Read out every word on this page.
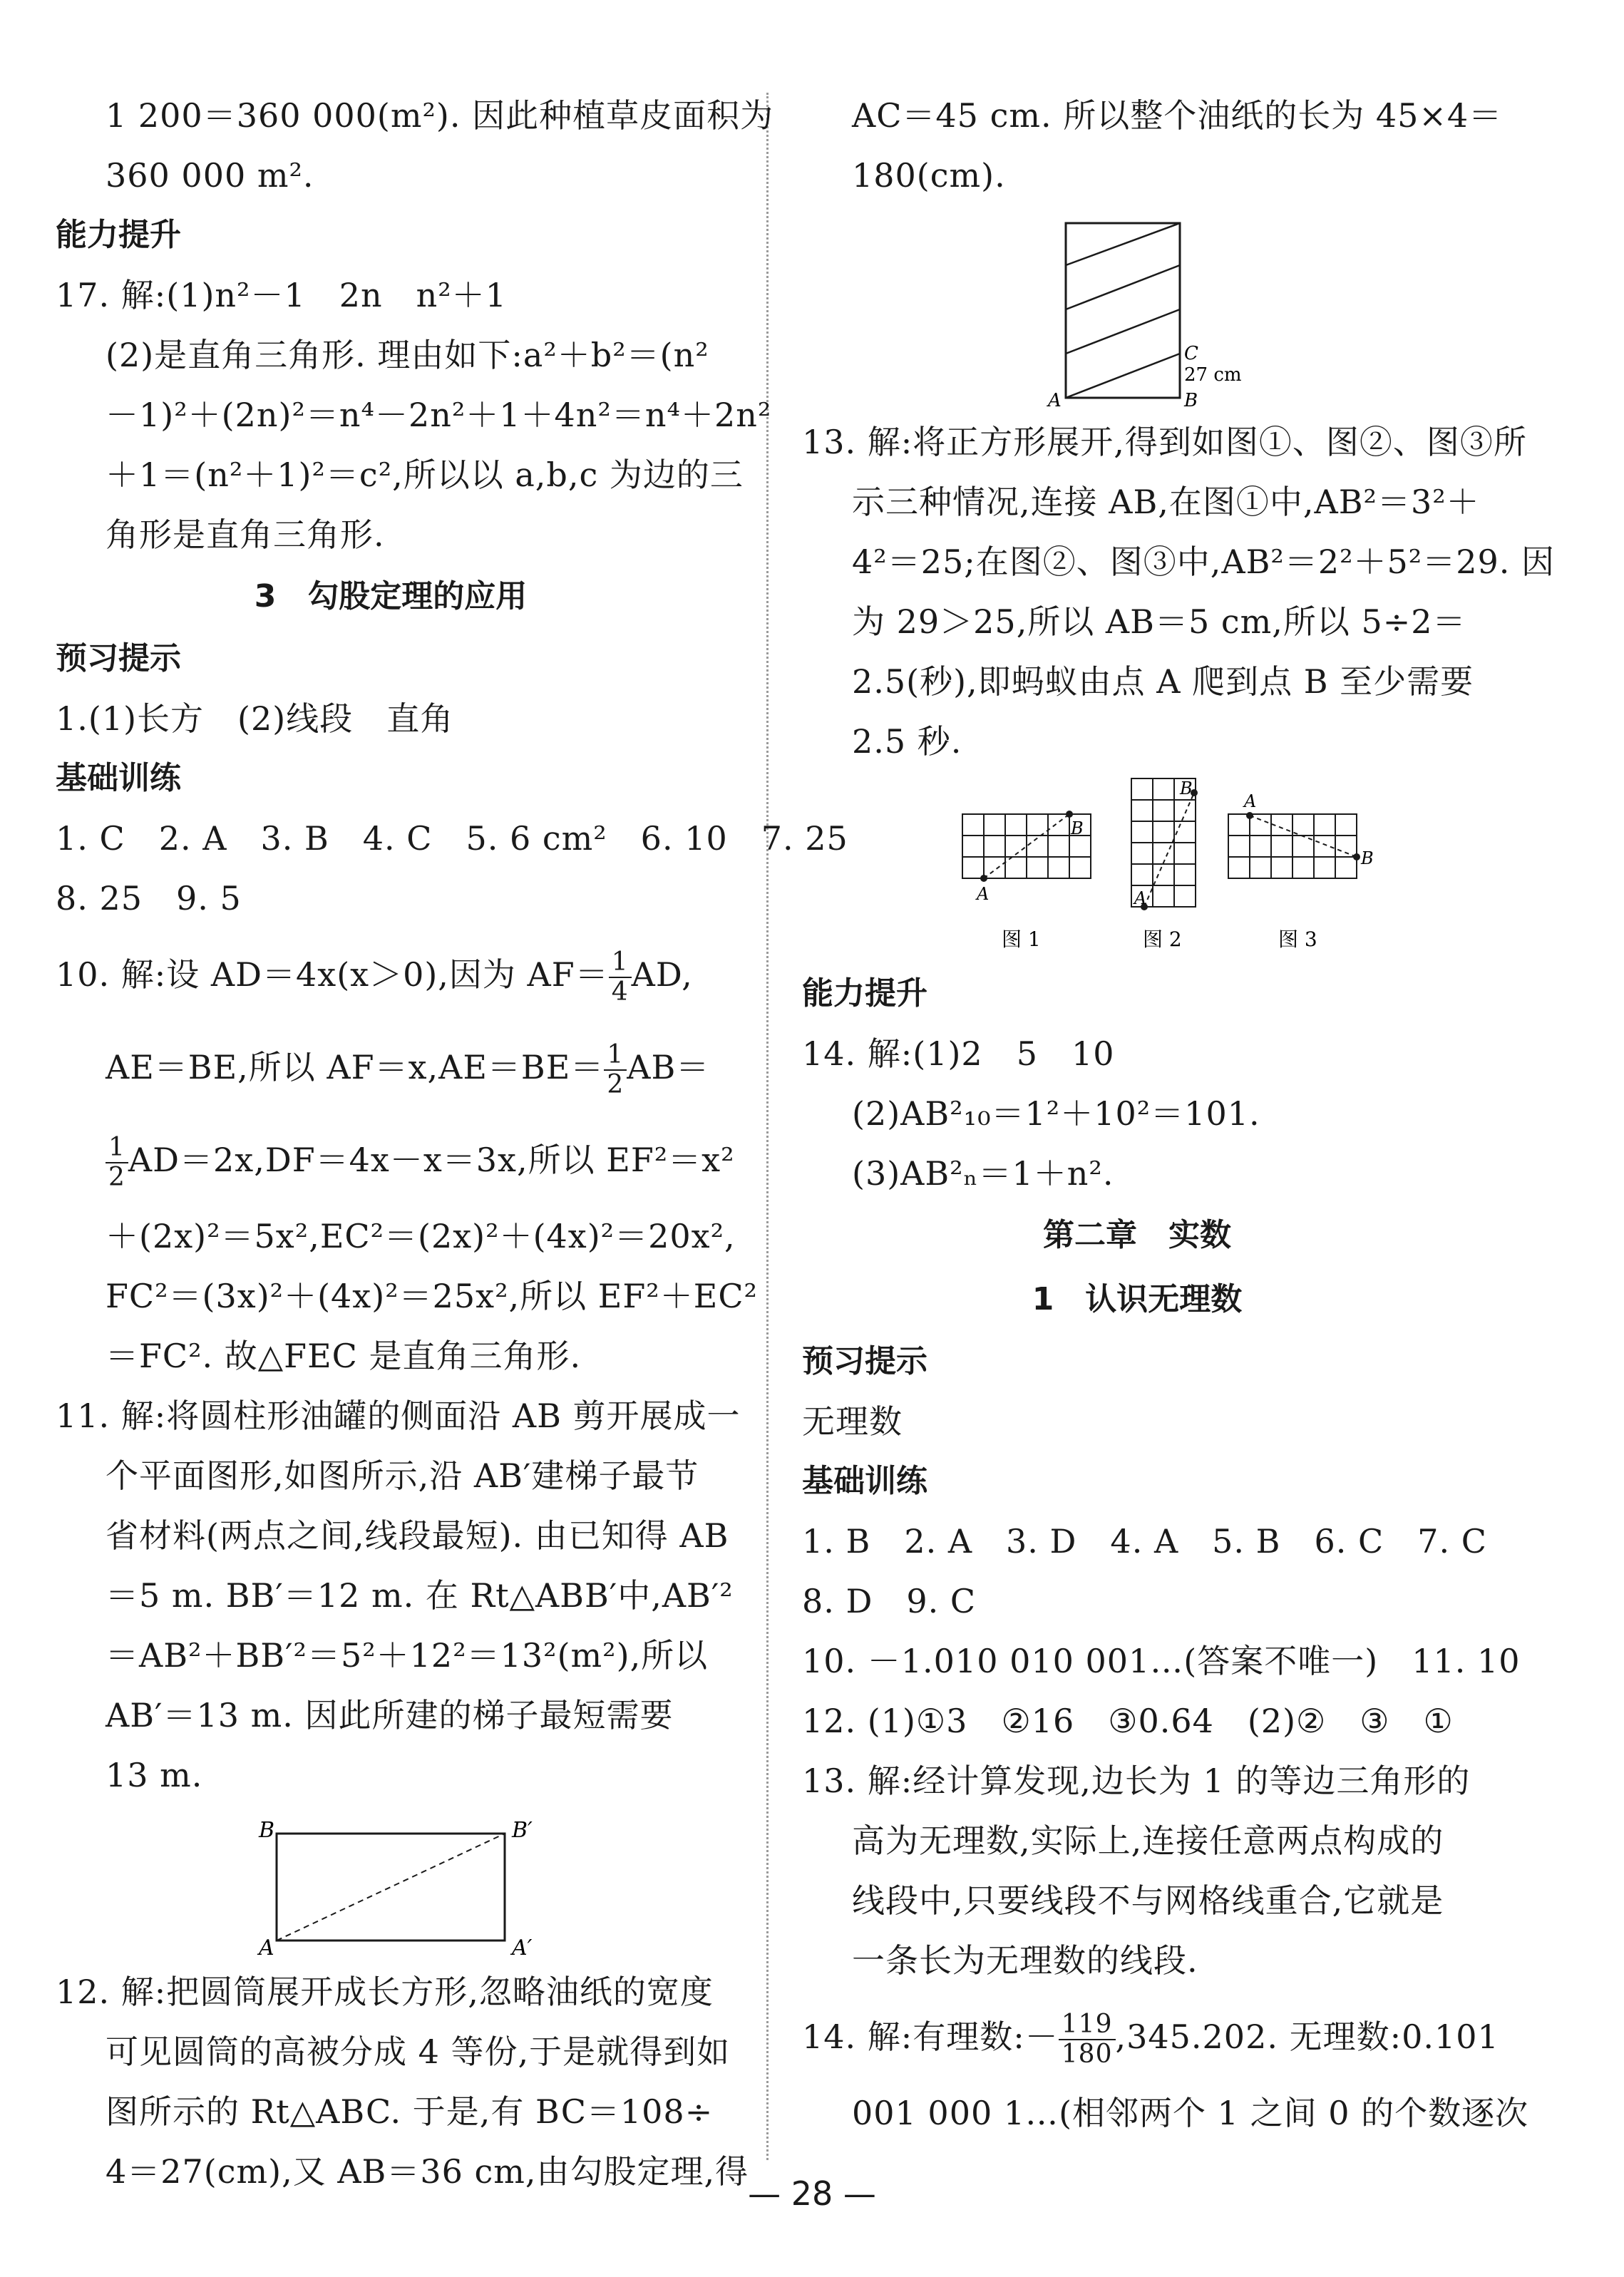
1 200＝360 000(m²). 因此种植草皮面积为
360 000 m².
能力提升
17. 解:(1)n²－1　2n　n²＋1
(2)是直角三角形. 理由如下:a²＋b²＝(n²
－1)²＋(2n)²＝n⁴－2n²＋1＋4n²＝n⁴＋2n²
＋1＝(n²＋1)²＝c²,所以以 a,b,c 为边的三
角形是直角三角形.
3　勾股定理的应用
预习提示
1.(1)长方　(2)线段　直角
基础训练
1. C　2. A　3. B　4. C　5. 6 cm²　6. 10　7. 25
8. 25　9. 5
10. 解:设 AD＝4x(x＞0),因为 $AF= \frac{1}{4}$ AD,
AE＝BE,所以 $AF=x,AE=BE= \frac{1}{2} AB=$
$\frac{1}{2} AD=2x,DF=4x-x=3x$,所以 EF²＝x²
＋(2x)²＝5x²,EC²＝(2x)²＋(4x)²＝20x²,
FC²＝(3x)²＋(4x)²＝25x²,所以 EF²＋EC²
＝FC². 故△FEC 是直角三角形.
11. 解:将圆柱形油罐的侧面沿 AB 剪开展成一
个平面图形,如图所示,沿 AB′建梯子最节
省材料(两点之间,线段最短). 由已知得 AB
＝5 m. BB′＝12 m. 在 Rt△ABB′中,AB′²
＝AB²＋BB′²＝5²＋12²＝13²(m²),所以
AB′＝13 m. 因此所建的梯子最短需要
13 m.
B	B′
A	A′
12. 解:把圆筒展开成长方形,忽略油纸的宽度
可见圆筒的高被分成 4 等份,于是就得到如
图所示的 Rt△ABC. 于是,有 BC＝108÷
4＝27(cm),又 AB＝36 cm,由勾股定理,得
AC＝45 cm. 所以整个油纸的长为 45×4＝
180(cm).
C
27 cm
A	B
13. 解:将正方形展开,得到如图①、图②、图③所
示三种情况,连接 AB,在图①中,AB²＝3²＋
4²＝25;在图②、图③中,AB²＝2²＋5²＝29. 因
为 29＞25,所以 AB＝5 cm,所以 5÷2＝
2.5(秒),即蚂蚁由点 A 爬到点 B 至少需要
2.5 秒.
A
B
图 1
A
B
图 2
A
B
图 3
能力提升
14. 解:(1)2　5　10
(2)AB²₁₀＝1²＋10²＝101.
(3)AB²ₙ＝1＋n².
第二章　实数
1　认识无理数
预习提示
无理数
基础训练
1. B　2. A　3. D　4. A　5. B　6. C　7. C
8. D　9. C
10. －1.010 010 001…(答案不唯一)　11. 10
12. (1)①3　②16　③0.64　(2)②　③　①
13. 解:经计算发现,边长为 1 的等边三角形的
高为无理数,实际上,连接任意两点构成的
线段中,只要线段不与网格线重合,它就是
一条长为无理数的线段.
14. 解:有理数:－ $\frac{119}{180} ,345.202$. 无理数:0.101
001 000 1…(相邻两个 1 之间 0 的个数逐次
— 28 —
